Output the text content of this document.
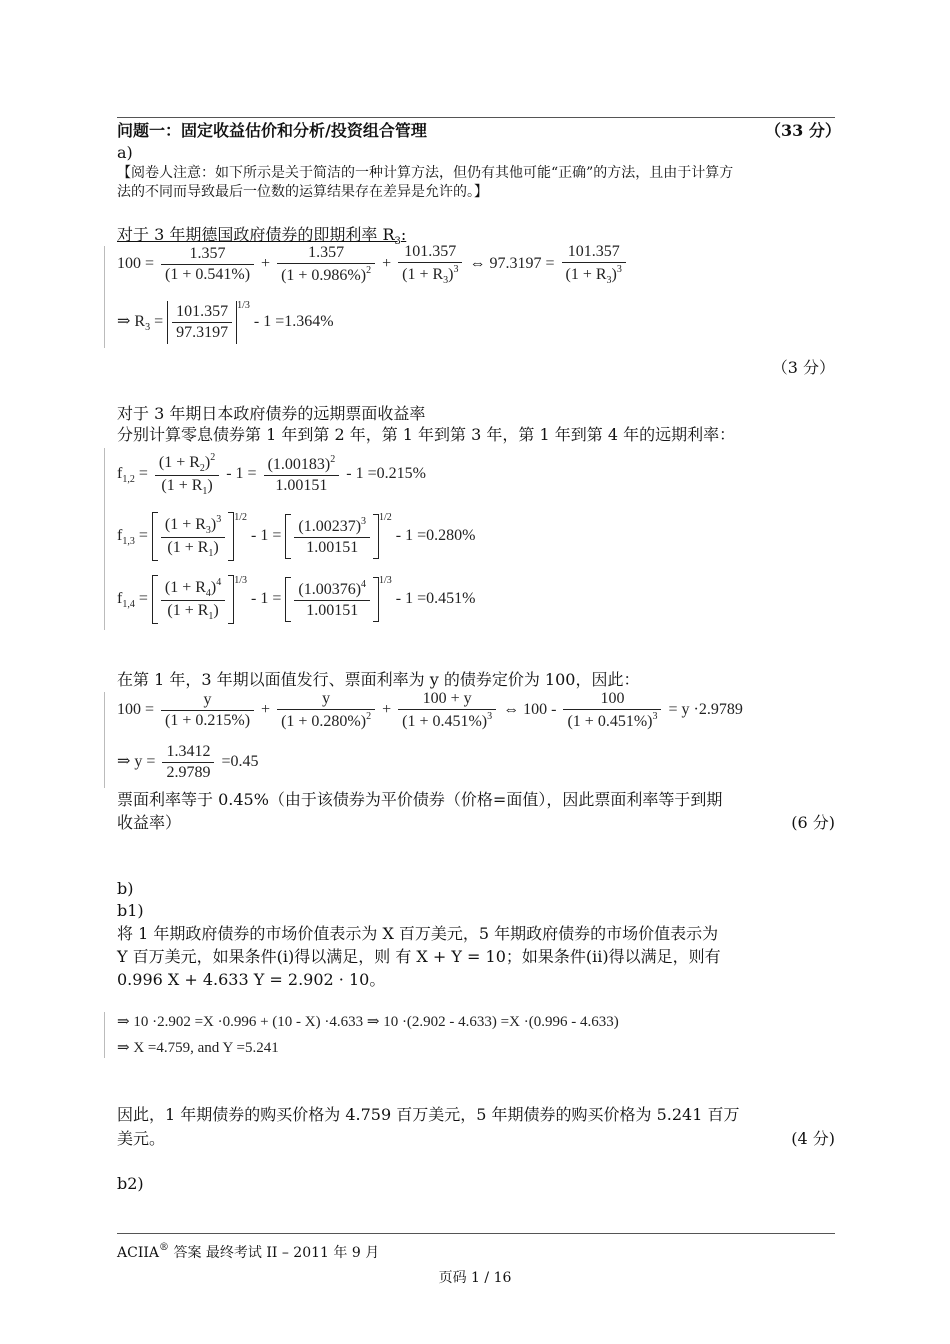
问题一：固定收益估价和分析/投资组合管理	（33 分）
a)
【阅卷人注意：如下所示是关于简洁的一种计算方法，但仍有其他可能“正确”的方法，且由于计算方
法的不同而导致最后一位数的运算结果存在差异是允许的。】
对于 3 年期德国政府债券的即期利率 $R_3$:
$100 = \frac{1.357}{(1 + 0.541\%)} + \frac{1.357}{(1 + 0.986\%)^2} + \frac{101.357}{(1 + R_3)^3}$ ⇔ $97.3197 = \frac{101.357}{(1 + R_3)^3}$
⇒ $R_3 = \frac{101.357}{97.3197} ^{1/3} - 1 =1.364\%$
（3 分）
对于 3 年期日本政府债券的远期票面收益率
分别计算零息债券第 1 年到第 2 年，第 1 年到第 3 年，第 1 年到第 4 年的远期利率：
$f_{1,2} = \frac{(1 + R_2)^2}{(1 + R_1)} - 1 = \frac{(1.00183)^2}{1.00151} - 1 =0.215\%$
$f_{1,3} = \frac{(1 + R_3)^3}{(1 + R_1)} ^{1/2} - 1 = \frac{(1.00237)^3}{1.00151} ^{1/2} - 1 =0.280\%$
$f_{1,4} = \frac{(1 + R_4)^4}{(1 + R_1)} ^{1/3} - 1 = \frac{(1.00376)^4}{1.00151} ^{1/3} - 1 =0.451\%$
在第 1 年，3 年期以面值发行、票面利率为 y 的债券定价为 100，因此：
$100 = \frac{y}{(1 + 0.215\%)} + \frac{y}{(1 + 0.280\%)^2} + \frac{100 + y}{(1 + 0.451\%)^3}$ ⇔ $100 - \frac{100}{(1 + 0.451\%)^3} = y \cdot 2.9789$
⇒ $y = \frac{1.3412}{2.9789} =0.45$
票面利率等于 0.45%（由于该债券为平价债券（价格=面值），因此票面利率等于到期
收益率）	(6 分)
b)
b1)
将 1 年期政府债券的市场价值表示为 X 百万美元，5 年期政府债券的市场价值表示为
Y 百万美元，如果条件(i)得以满足，则 有 X + Y = 10；如果条件(ii)得以满足，则有
0.996 X + 4.633 Y = 2.902 · 10。
⇒ 10 ·2.902 =X ·0.996 + (10 - X) ·4.633 ⇒ 10 ·(2.902 - 4.633) =X ·(0.996 - 4.633)
⇒ X =4.759, and Y =5.241
因此，1 年期债券的购买价格为 4.759 百万美元，5 年期债券的购买价格为 5.241 百万
美元。	(4 分)
b2)
ACIIA® 答案 最终考试 II – 2011 年 9 月
页码 1 / 16
